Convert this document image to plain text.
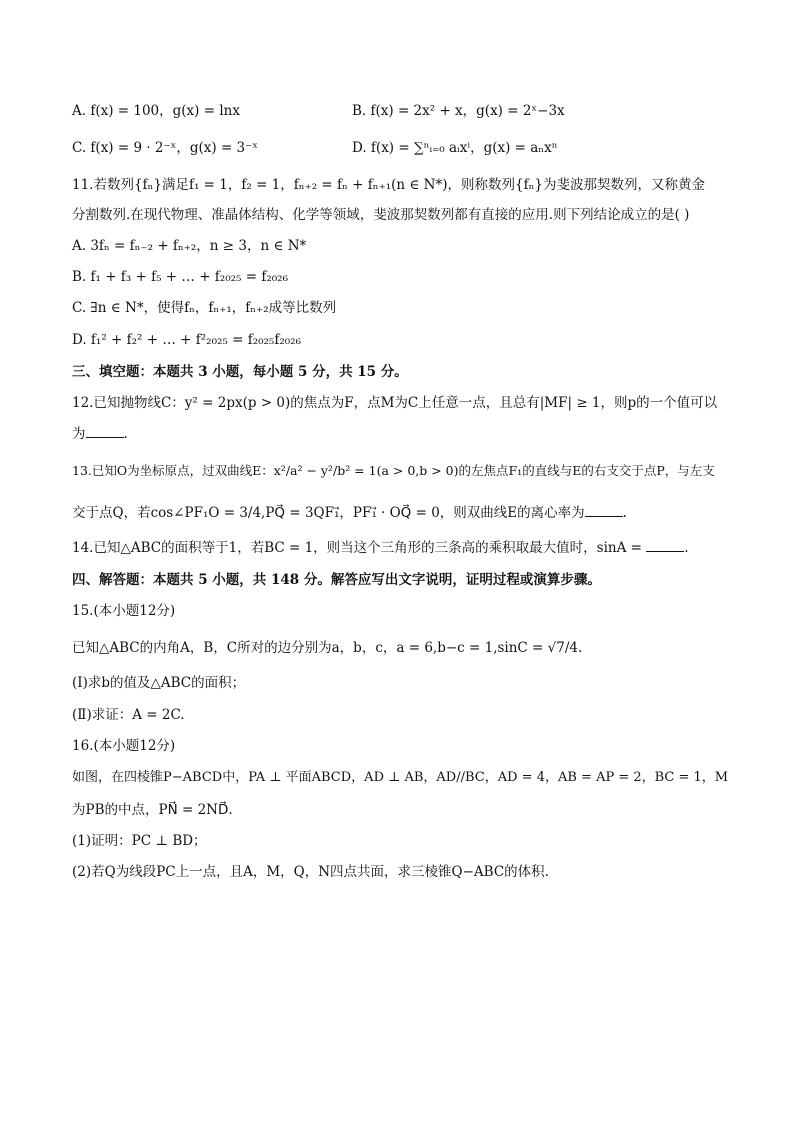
A. f(x) = 100，g(x) = lnx	B. f(x) = 2x² + x，g(x) = 2ˣ−3x
C. f(x) = 9 · 2⁻ˣ，g(x) = 3⁻ˣ	D. f(x) = ∑ⁿᵢ₌₀ aᵢxⁱ，g(x) = aₙxⁿ
11.若数列{fₙ}满足f₁ = 1，f₂ = 1，fₙ₊₂ = fₙ + fₙ₊₁(n ∈ N*)，则称数列{fₙ}为斐波那契数列，又称黄金
分割数列.在现代物理、准晶体结构、化学等领域，斐波那契数列都有直接的应用.则下列结论成立的是( )
A. 3fₙ = fₙ₋₂ + fₙ₊₂，n ≥ 3，n ∈ N*
B. f₁ + f₃ + f₅ + … + f₂₀₂₅ = f₂₀₂₆
C. ∃n ∈ N*，使得fₙ，fₙ₊₁，fₙ₊₂成等比数列
D. f₁² + f₂² + … + f²₂₀₂₅ = f₂₀₂₅f₂₀₂₆
三、填空题：本题共 3 小题，每小题 5 分，共 15 分。
12.已知抛物线C：y² = 2px(p > 0)的焦点为F，点M为C上任意一点，且总有|MF| ≥ 1，则p的一个值可以
为	.
13.已知O为坐标原点，过双曲线E：x²/a² − y²/b² = 1(a > 0,b > 0)的左焦点F₁的直线与E的右支交于点P，与左支
交于点Q，若cos∠PF₁O = 3/4,PQ⃗ = 3QF₁⃗，PF₁⃗ · OQ⃗ = 0，则双曲线E的离心率为	.
14.已知△ABC的面积等于1，若BC = 1，则当这个三角形的三条高的乘积取最大值时，sinA =	.
四、解答题：本题共 5 小题，共 148 分。解答应写出文字说明，证明过程或演算步骤。
15.(本小题12分)
已知△ABC的内角A，B，C所对的边分别为a，b，c，a = 6,b−c = 1,sinC = √7/4.
(Ⅰ)求b的值及△ABC的面积；
(Ⅱ)求证：A = 2C.
16.(本小题12分)
如图，在四棱锥P−ABCD中，PA ⊥ 平面ABCD，AD ⊥ AB，AD//BC，AD = 4，AB = AP = 2，BC = 1，M
为PB的中点，PN⃗ = 2ND⃗.
(1)证明：PC ⊥ BD；
(2)若Q为线段PC上一点，且A，M，Q，N四点共面，求三棱锥Q−ABC的体积.
